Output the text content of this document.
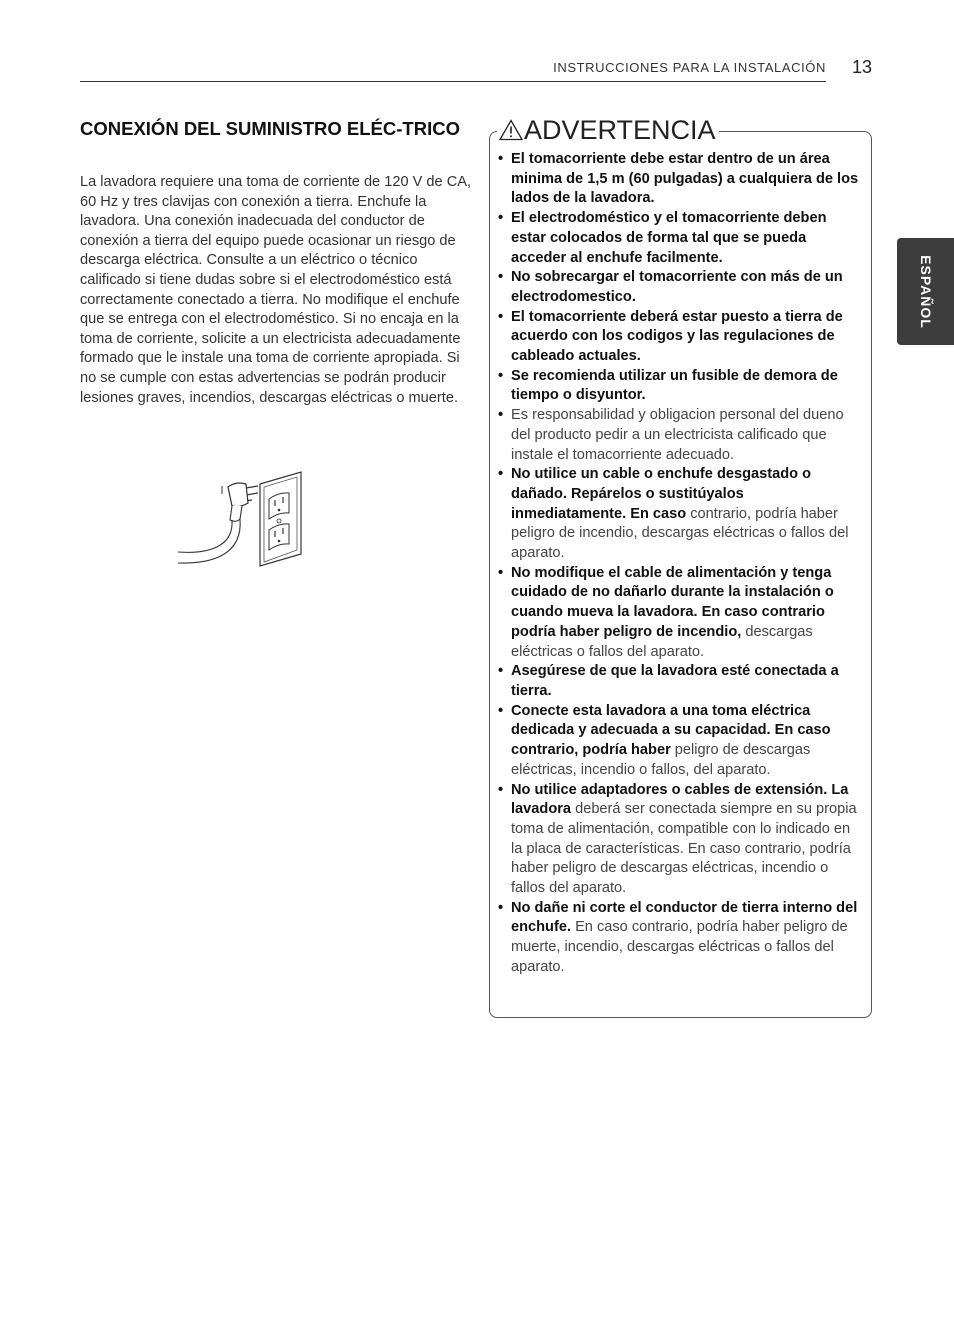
INSTRUCCIONES PARA LA INSTALACIÓN 13
ESPAÑOL
CONEXIÓN DEL SUMINISTRO ELÉC-TRICO

La lavadora requiere una toma de corriente de 120 V de CA, 60 Hz y tres clavijas con conexión a tierra. Enchufe la lavadora. Una conexión inadecuada del conductor de conexión a tierra del equipo puede ocasionar un riesgo de descarga eléctrica. Consulte a un eléctrico o técnico calificado si tiene dudas sobre si el electrodoméstico está correctamente conectado a tierra. No modifique el enchufe que se entrega con el electrodoméstico. Si no encaja en la toma de corriente, solicite a un electricista adecuadamente formado que le instale una toma de corriente apropiada. Si no se cumple con estas advertencias se podrán producir lesiones graves, incendios, descargas eléctricas o muerte.

ADVERTENCIA
• El tomacorriente debe estar dentro de un área minima de 1,5 m (60 pulgadas) a cualquiera de los lados de la lavadora.
• El electrodoméstico y el tomacorriente deben estar colocados de forma tal que se pueda acceder al enchufe facilmente.
• No sobrecargar el tomacorriente con más de un electrodomestico.
• El tomacorriente deberá estar puesto a tierra de acuerdo con los codigos y las regulaciones de cableado actuales.
• Se recomienda utilizar un fusible de demora de tiempo o disyuntor.
• Es responsabilidad y obligacion personal del dueno del producto pedir a un electricista calificado que instale el tomacorriente adecuado.
• No utilice un cable o enchufe desgastado o dañado. Repárelos o sustitúyalos inmediatamente. En caso contrario, podría haber peligro de incendio, descargas eléctricas o fallos del aparato.
• No modifique el cable de alimentación y tenga cuidado de no dañarlo durante la instalación o cuando mueva la lavadora. En caso contrario podría haber peligro de incendio, descargas eléctricas o fallos del aparato.
• Asegúrese de que la lavadora esté conectada a tierra.
• Conecte esta lavadora a una toma eléctrica dedicada y adecuada a su capacidad. En caso contrario, podría haber peligro de descargas eléctricas, incendio o fallos, del aparato.
• No utilice adaptadores o cables de extensión. La lavadora deberá ser conectada siempre en su propia toma de alimentación, compatible con lo indicado en la placa de características. En caso contrario, podría haber peligro de descargas eléctricas, incendio o fallos del aparato.
• No dañe ni corte el conductor de tierra interno del enchufe. En caso contrario, podría haber peligro de muerte, incendio, descargas eléctricas o fallos del aparato.
